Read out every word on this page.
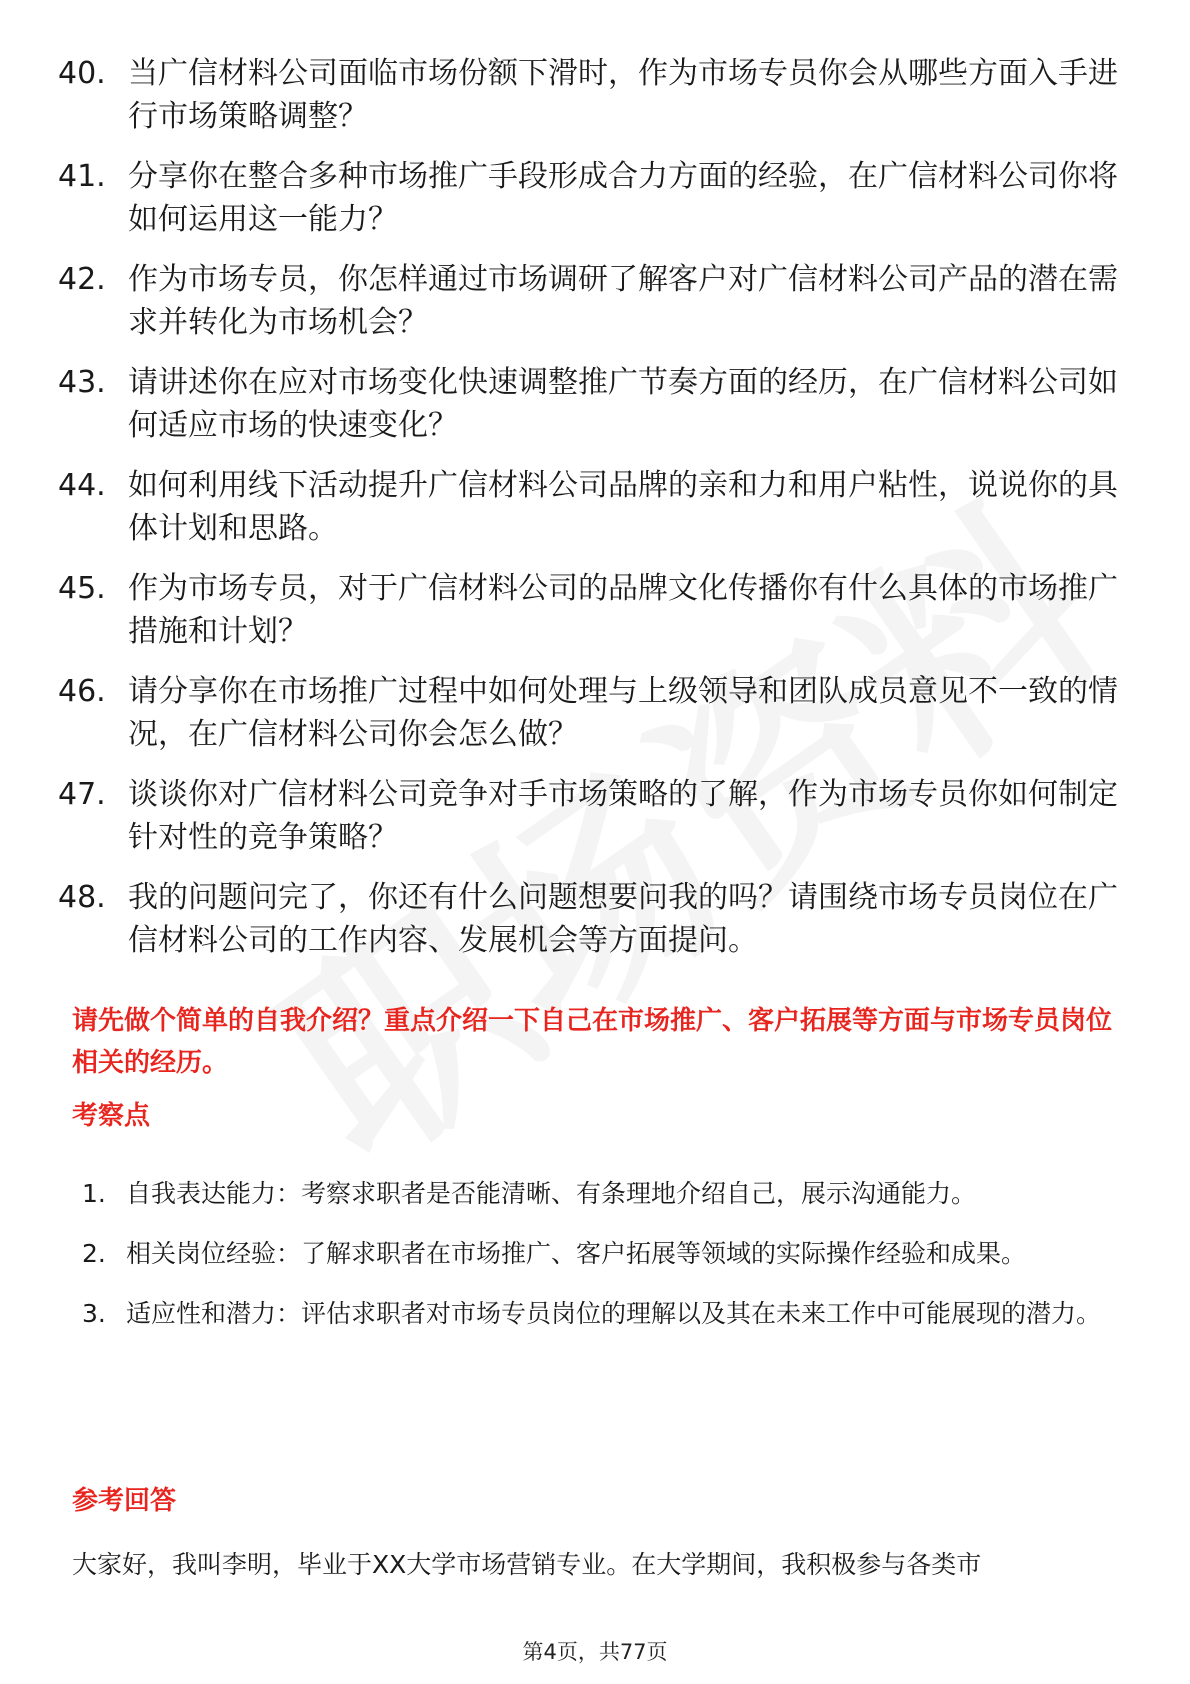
40. 当广信材料公司面临市场份额下滑时，作为市场专员你会从哪些方面入手进行市场策略调整？
41. 分享你在整合多种市场推广手段形成合力方面的经验，在广信材料公司你将如何运用这一能力？
42. 作为市场专员，你怎样通过市场调研了解客户对广信材料公司产品的潜在需求并转化为市场机会？
43. 请讲述你在应对市场变化快速调整推广节奏方面的经历，在广信材料公司如何适应市场的快速变化？
44. 如何利用线下活动提升广信材料公司品牌的亲和力和用户粘性，说说你的具体计划和思路。
45. 作为市场专员，对于广信材料公司的品牌文化传播你有什么具体的市场推广措施和计划？
46. 请分享你在市场推广过程中如何处理与上级领导和团队成员意见不一致的情况，在广信材料公司你会怎么做？
47. 谈谈你对广信材料公司竞争对手市场策略的了解，作为市场专员你如何制定针对性的竞争策略？
48. 我的问题问完了，你还有什么问题想要问我的吗？请围绕市场专员岗位在广信材料公司的工作内容、发展机会等方面提问。

请先做个简单的自我介绍？重点介绍一下自己在市场推广、客户拓展等方面与市场专员岗位相关的经历。

考察点
1. 自我表达能力：考察求职者是否能清晰、有条理地介绍自己，展示沟通能力。
2. 相关岗位经验：了解求职者在市场推广、客户拓展等领域的实际操作经验和成果。
3. 适应性和潜力：评估求职者对市场专员岗位的理解以及其在未来工作中可能展现的潜力。
参考回答

大家好，我叫李明，毕业于XX大学市场营销专业。在大学期间，我积极参与各类市

第4页，共77页
